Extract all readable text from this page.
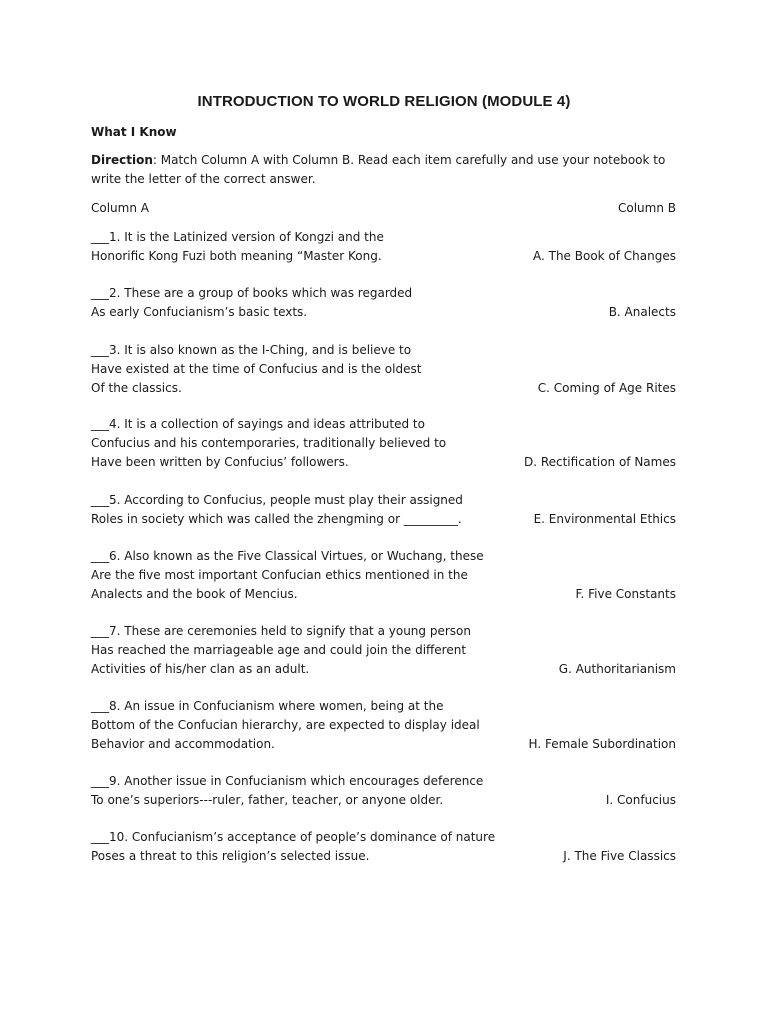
INTRODUCTION TO WORLD RELIGION (MODULE 4)
What I Know
Direction: Match Column A with Column B. Read each item carefully and use your notebook to write the letter of the correct answer.
Column A	Column B
___1. It is the Latinized version of Kongzi and the
Honorific Kong Fuzi both meaning “Master Kong.	A. The Book of Changes
___2. These are a group of books which was regarded
As early Confucianism’s basic texts.	B. Analects
___3. It is also known as the I-Ching, and is believe to
Have existed at the time of Confucius and is the oldest
Of the classics.	C. Coming of Age Rites
___4. It is a collection of sayings and ideas attributed to
Confucius and his contemporaries, traditionally believed to
Have been written by Confucius’ followers.	D. Rectification of Names
___5. According to Confucius, people must play their assigned
Roles in society which was called the zhengming or _________.	E. Environmental Ethics
___6. Also known as the Five Classical Virtues, or Wuchang, these
Are the five most important Confucian ethics mentioned in the
Analects and the book of Mencius.	F. Five Constants
___7. These are ceremonies held to signify that a young person
Has reached the marriageable age and could join the different
Activities of his/her clan as an adult.	G. Authoritarianism
___8. An issue in Confucianism where women, being at the
Bottom of the Confucian hierarchy, are expected to display ideal
Behavior and accommodation.	H. Female Subordination
___9. Another issue in Confucianism which encourages deference
To one’s superiors---ruler, father, teacher, or anyone older.	I. Confucius
___10. Confucianism’s acceptance of people’s dominance of nature
Poses a threat to this religion’s selected issue.	J. The Five Classics
